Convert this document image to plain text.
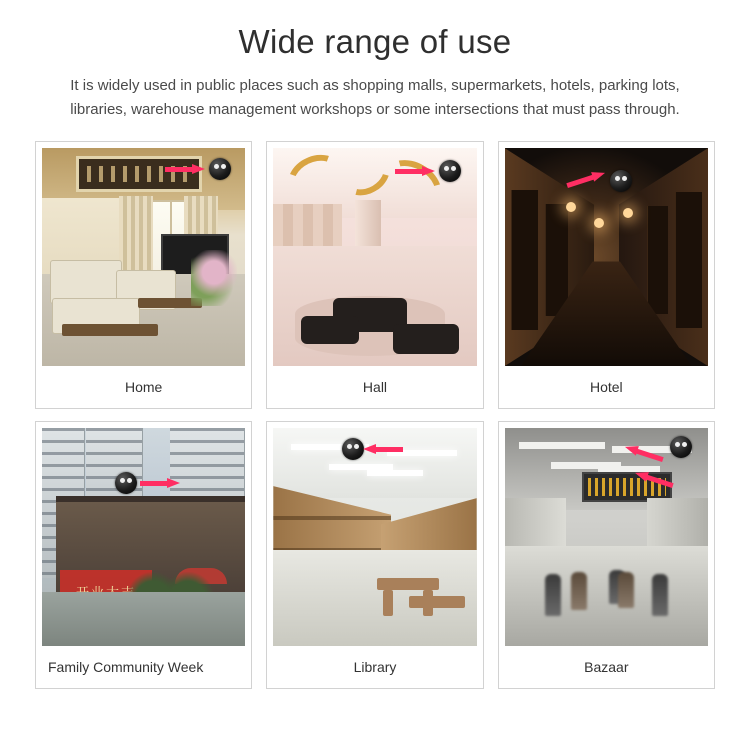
Wide range of use

It is widely used in public places such as shopping malls, supermarkets, hotels, parking lots, libraries, warehouse management workshops or some intersections that must pass through.

Home	Hall	Hotel
Family Community Week	Library	Bazaar
